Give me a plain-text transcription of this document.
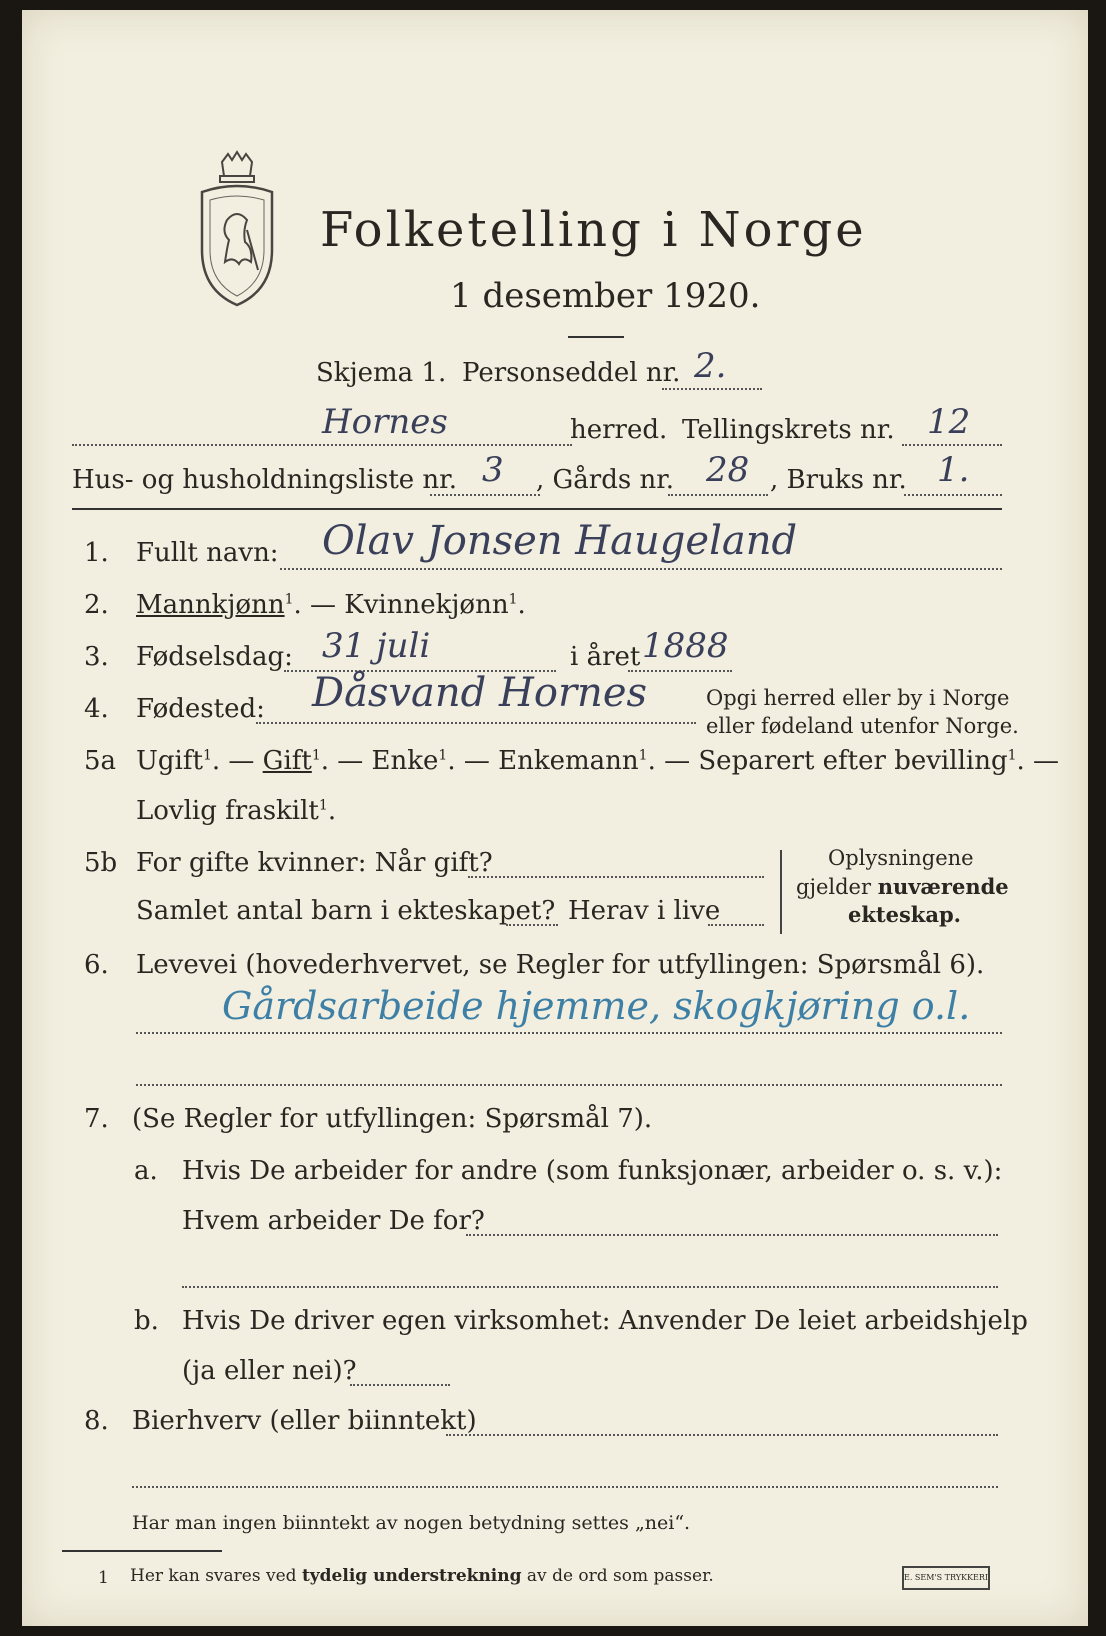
Folketelling i Norge
1 desember 1920.
Skjema 1. Personseddel nr. 2.
Hornes	herred. Tellingskrets nr. 12
Hus- og husholdningsliste nr. 3 , Gårds nr. 28 , Bruks nr. 1.
1. Fullt navn: Olav Jonsen Haugeland
2. Mannkjønn$^1$. — Kvinnekjønn$^1$.
3. Fødselsdag: 31 juli	i året 1888
4. Fødested: Dåsvand Hornes	Opgi herred eller by i Norge
eller fødeland utenfor Norge.
5a Ugift$^1$. — Gift$^1$. — Enke$^1$. — Enkemann$^1$. — Separert efter bevilling$^1$. —
Lovlig fraskilt$^1$.
5b For gifte kvinner: Når gift?
Samlet antal barn i ekteskapet? Herav i live
Oplysningene
gjelder nuværende
ekteskap.
6. Levevei (hovederhvervet, se Regler for utfyllingen: Spørsmål 6).
Gårdsarbeide hjemme, skogkjøring o.l.
7. (Se Regler for utfyllingen: Spørsmål 7).
a. Hvis De arbeider for andre (som funksjonær, arbeider o. s. v.):
Hvem arbeider De for?
b. Hvis De driver egen virksomhet: Anvender De leiet arbeidshjelp
(ja eller nei)?
8. Bierhverv (eller biinntekt)
Har man ingen biinntekt av nogen betydning settes „nei“.
1 Her kan svares ved tydelig understrekning av de ord som passer.	E. SEM'S TRYKKERI
